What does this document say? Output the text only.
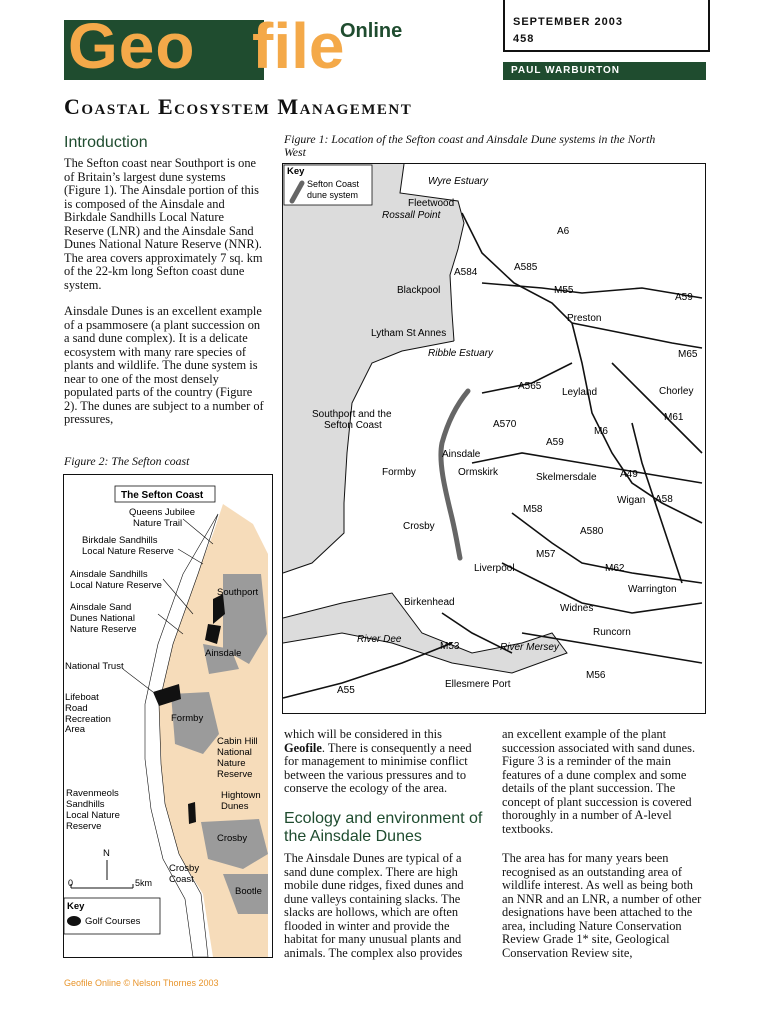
Geo file
Online	SEPTEMBER 2003
458
PAUL WARBURTON
Coastal Ecosystem Management
Introduction
The Sefton coast near Southport is one of Britain’s largest dune systems (Figure 1). The Ainsdale portion of this is composed of the Ainsdale and Birkdale Sandhills Local Nature Reserve (LNR) and the Ainsdale Sand Dunes National Nature Reserve (NNR). The area covers approximately 7 sq. km of the 22-km long Sefton coast dune system.
Ainsdale Dunes is an excellent example of a psammosere (a plant succession on a sand dune complex). It is a delicate ecosystem with many rare species of plants and wildlife. The dune system is near to one of the most densely populated parts of the country (Figure 2). The dunes are subject to a number of pressures,
Figure 1: Location of the Sefton coast and Ainsdale Dune systems in the North West
Figure 2: The Sefton coast
Key
Sefton Coast
dune system
Wyre Estuary
Fleetwood
Rossall Point
A6
A584	A585
Blackpool	M55
A59
Preston
Lytham St Annes
Ribble Estuary	M65
A565
Leyland	Chorley
Southport and the
Sefton Coast	A570
M61
M6
A59
Ainsdale
Formby	Ormskirk	Skelmersdale A49
Wigan A58
M58
Crosby	A580
M57
Liverpool	M62
Warrington
Birkenhead
Widnes
Runcorn
River Dee
M53	River Mersey
M56
Ellesmere Port
A55
The Sefton Coast
Queens Jubilee
Nature Trail
Birkdale Sandhills
Local Nature Reserve
Ainsdale Sandhills
Local Nature Reserve
Ainsdale Sand
Dunes National
Nature Reserve
Southport
Ainsdale
National Trust
Lifeboat
Road
Recreation
Area
Formby
Cabin Hill
National
Nature
Reserve
Ravenmeols
Sandhills
Local Nature
Reserve
Hightown
Dunes
Crosby
Crosby
Coast
Bootle
N
0	5km
Key
Golf Courses
which will be considered in this Geofile. There is consequently a need for management to minimise conflict between the various pressures and to conserve the ecology of the area.
Ecology and environment of the Ainsdale Dunes
The Ainsdale Dunes are typical of a sand dune complex. There are high mobile dune ridges, fixed dunes and dune valleys containing slacks. The slacks are hollows, which are often flooded in winter and provide the habitat for many unusual plants and animals. The complex also provides
an excellent example of the plant succession associated with sand dunes. Figure 3 is a reminder of the main features of a dune complex and some details of the plant succession. The concept of plant succession is covered thoroughly in a number of A-level textbooks.
The area has for many years been recognised as an outstanding area of wildlife interest. As well as being both an NNR and an LNR, a number of other designations have been attached to the area, including Nature Conservation Review Grade 1* site, Geological Conservation Review site,
Geofile Online © Nelson Thornes 2003
